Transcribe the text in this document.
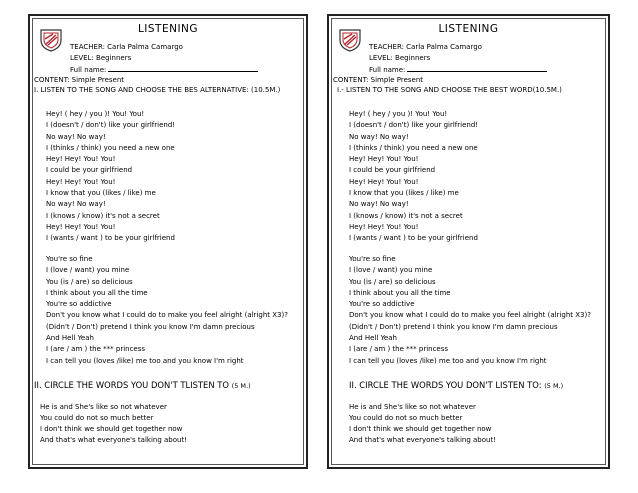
LISTENING
TEACHER: Carla Palma Camargo
LEVEL: Beginners
Full name:
CONTENT: Simple Present
I. LISTEN TO THE SONG AND CHOOSE THE BES ALTERNATIVE: (10.5M.)
Hey! ( hey / you )! You! You!
I (doesn't / don't) like your girlfriend!
No way! No way!
I (thinks / think) you need a new one
Hey! Hey! You! You!
I could be your girlfriend
Hey! Hey! You! You!
I know that you (likes / like) me
No way! No way!
I (knows / know) it's not a secret
Hey! Hey! You! You!
I (wants / want ) to be your girlfriend
You're so fine
I (love / want) you mine
You (is / are) so delicious
I think about you all the time
You're so addictive
Don't you know what I could do to make you feel alright (alright X3)?
(Didn't / Don't) pretend I think you know I'm damn precious
And Hell Yeah
I (are / am ) the *** princess
I can tell you (loves /like) me too and you know I'm right
II. CIRCLE THE WORDS YOU DON'T TLISTEN TO (5 M.)
He is and She's like so not whatever
You could do not so much better
I don't think we should get together now
And that's what everyone's talking about!
LISTENING
TEACHER: Carla Palma Camargo
LEVEL: Beginners
Full name:
CONTENT: Simple Present
I.- LISTEN TO THE SONG AND CHOOSE THE BEST WORD(10.5M.)
Hey! ( hey / you )! You! You!
I (doesn't / don't) like your girlfriend!
No way! No way!
I (thinks / think) you need a new one
Hey! Hey! You! You!
I could be your girlfriend
Hey! Hey! You! You!
I know that you (likes / like) me
No way! No way!
I (knows / know) it's not a secret
Hey! Hey! You! You!
I (wants / want ) to be your girlfriend
You're so fine
I (love / want) you mine
You (is / are) so delicious
I think about you all the time
You're so addictive
Don't you know what I could do to make you feel alright (alright X3)?
(Didn't / Don't) pretend I think you know I'm damn precious
And Hell Yeah
I (are / am ) the *** princess
I can tell you (loves /like) me too and you know I'm right
II. CIRCLE THE WORDS YOU DON'T LISTEN TO: (5 M.)
He is and She's like so not whatever
You could do not so much better
I don't think we should get together now
And that's what everyone's talking about!
